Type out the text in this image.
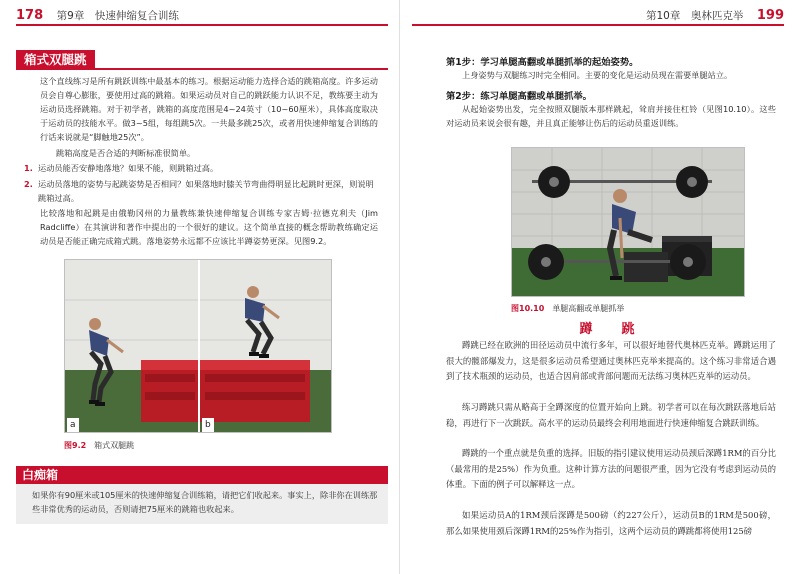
178 第9章　快速伸缩复合训练
箱式双腿跳
这个直线练习是所有跳跃训练中最基本的练习。根据运动能力选择合适的跳箱高度。许多运动员会自尊心膨胀，要使用过高的跳箱。如果运动员对自己的跳跃能力认识不足，教练要主动为运动员选择跳箱。对于初学者，跳箱的高度范围是4~24英寸（10~60厘米），具体高度取决于运动员的技能水平。做3~5组，每组跳5次。一共最多跳25次，或者用快速伸缩复合训练的行话来说就是“脚触地25次”。
跳箱高度是否合适的判断标准很简单。
1. 运动员能否安静地落地？如果不能，则跳箱过高。
2. 运动员落地的姿势与起跳姿势是否相同？如果落地时膝关节弯曲得明显比起跳时更深，则说明跳箱过高。
比较落地和起跳是由俄勒冈州的力量教练兼快速伸缩复合训练专家吉姆·拉德克利夫（Jim Radcliffe）在其演讲和著作中提出的一个很好的建议。这个简单直接的概念帮助教练确定运动员是否能正确完成箱式跳。落地姿势永远都不应该比半蹲姿势更深。见图9.2。
a	b
图9.2 箱式双腿跳
白痴箱
如果你有90厘米或105厘米的快速伸缩复合训练箱，请把它们收起来。事实上，除非你在训练那些非常优秀的运动员，否则请把75厘米的跳箱也收起来。
第10章　奥林匹克举 199
第1步：学习单腿高翻或单腿抓举的起始姿势。
上身姿势与双腿练习时完全相同。主要的变化是运动员现在需要单腿站立。
第2步：练习单腿高翻或单腿抓举。
从起始姿势出发，完全按照双腿版本那样跳起，耸肩并接住杠铃（见图10.10）。这些对运动员来说会很有趣，并且真正能够让伤后的运动员重返训练。
图10.10 单腿高翻或单腿抓举
蹲　跳
蹲跳已经在欧洲的田径运动员中流行多年，可以很好地替代奥林匹克举。蹲跳运用了很大的髋部爆发力，这是很多运动员希望通过奥林匹克举来提高的。这个练习非常适合遇到了技术瓶颈的运动员，也适合因肩部或背部问题而无法练习奥林匹克举的运动员。
练习蹲跳只需从略高于全蹲深度的位置开始向上跳。初学者可以在每次跳跃落地后站稳，再进行下一次跳跃。高水平的运动员最终会利用地面进行快速伸缩复合跳跃训练。
蹲跳的一个重点就是负重的选择。旧版的指引建议使用运动员颈后深蹲1RM的百分比（最常用的是25%）作为负重。这种计算方法的问题很严重，因为它没有考虑到运动员的体重。下面的例子可以解释这一点。
如果运动员A的1RM颈后深蹲是500磅（约227公斤），运动员B的1RM是500磅，那么如果使用颈后深蹲1RM的25%作为指引，这两个运动员的蹲跳都将使用125磅
